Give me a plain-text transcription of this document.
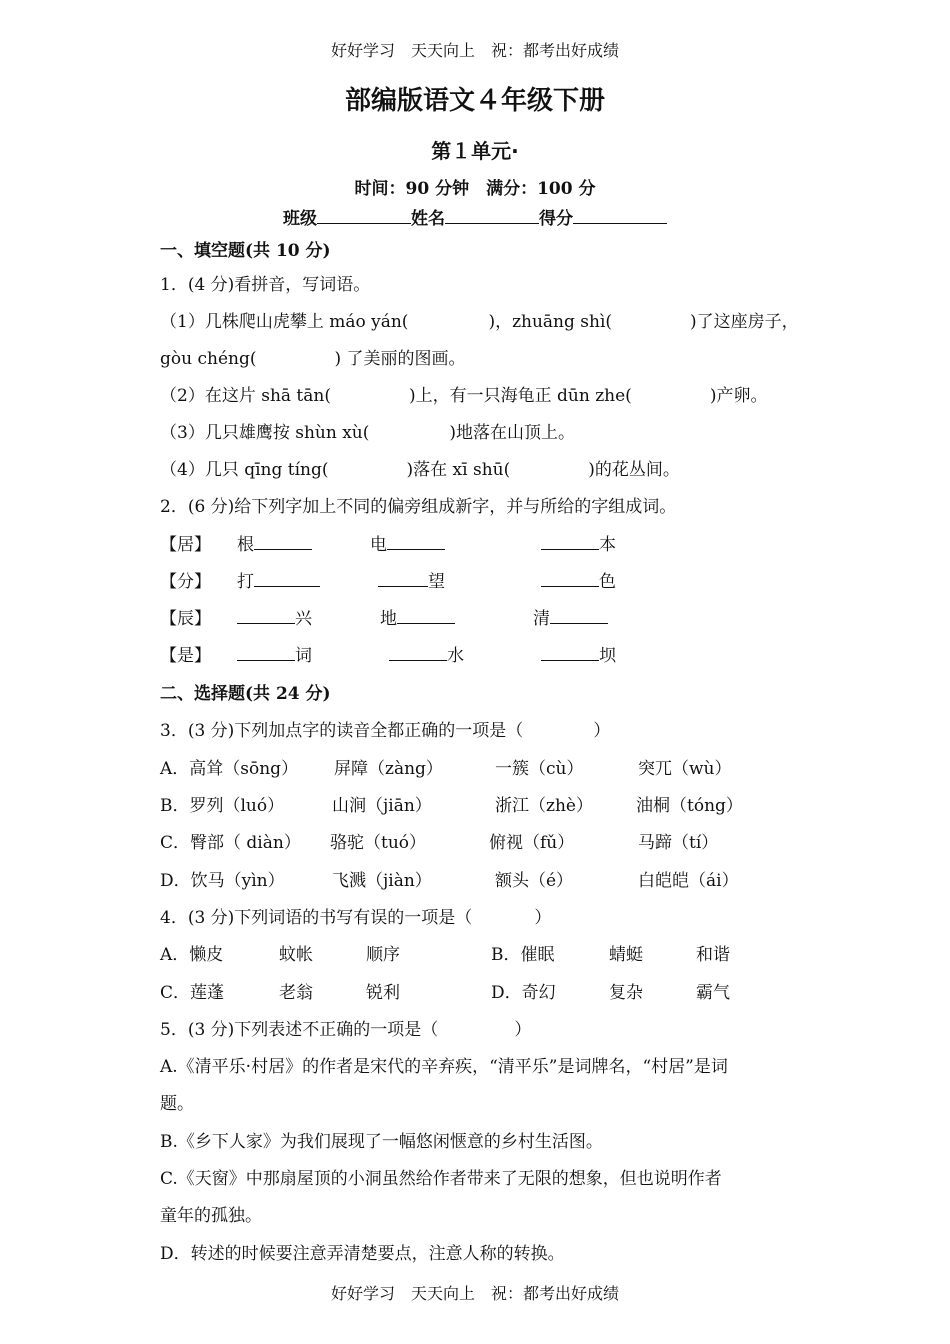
好好学习　天天向上　祝：都考出好成绩
部编版语文４年级下册
第１单元·
时间：90 分钟　满分：100 分
班级	姓名	得分
一、填空题(共 10 分)
1．(4 分)看拼音，写词语。
（1）几株爬山虎攀上 máo yán(	)，zhuāng shì(	)了这座房子，
gòu chéng(	) 了美丽的图画。
（2）在这片 shā tān(	)上，有一只海龟正 dūn zhe(	)产卵。
（3）几只雄鹰按 shùn xù(	)地落在山顶上。
（4）几只 qīng tíng(	)落在 xī shū(	)的花丛间。
2．(6 分)给下列字加上不同的偏旁组成新字，并与所给的字组成词。
【居】 根	电	本
【分】 打	望	色
【辰】	兴	地	清
【是】	词	水	坝
二、选择题(共 24 分)
3．(3 分)下列加点字的读音全都正确的一项是（	）
A．高耸（sōng） 屏障（zàng）	一簇（cù）	突兀（wù）
B．罗列（luó）	山涧（jiān）	浙江（zhè）	油桐（tóng）
C．臀部（ diàn） 骆驼（tuó）	俯视（fǔ）	马蹄（tí）
D．饮马（yìn）	飞溅（jiàn）	额头（é）	白皑皑（ái）
4．(3 分)下列词语的书写有误的一项是（	）
A．懒皮	蚊帐	顺序	B．催眠	蜻蜓	和谐
C．莲蓬	老翁	锐利	D．奇幻	复杂	霸气
5．(3 分)下列表述不正确的一项是（	）
A.《清平乐·村居》的作者是宋代的辛弃疾，“清平乐”是词牌名，“村居”是词
题。
B.《乡下人家》为我们展现了一幅悠闲惬意的乡村生活图。
C.《天窗》中那扇屋顶的小洞虽然给作者带来了无限的想象，但也说明作者
童年的孤独。
D．转述的时候要注意弄清楚要点，注意人称的转换。
好好学习　天天向上　祝：都考出好成绩
